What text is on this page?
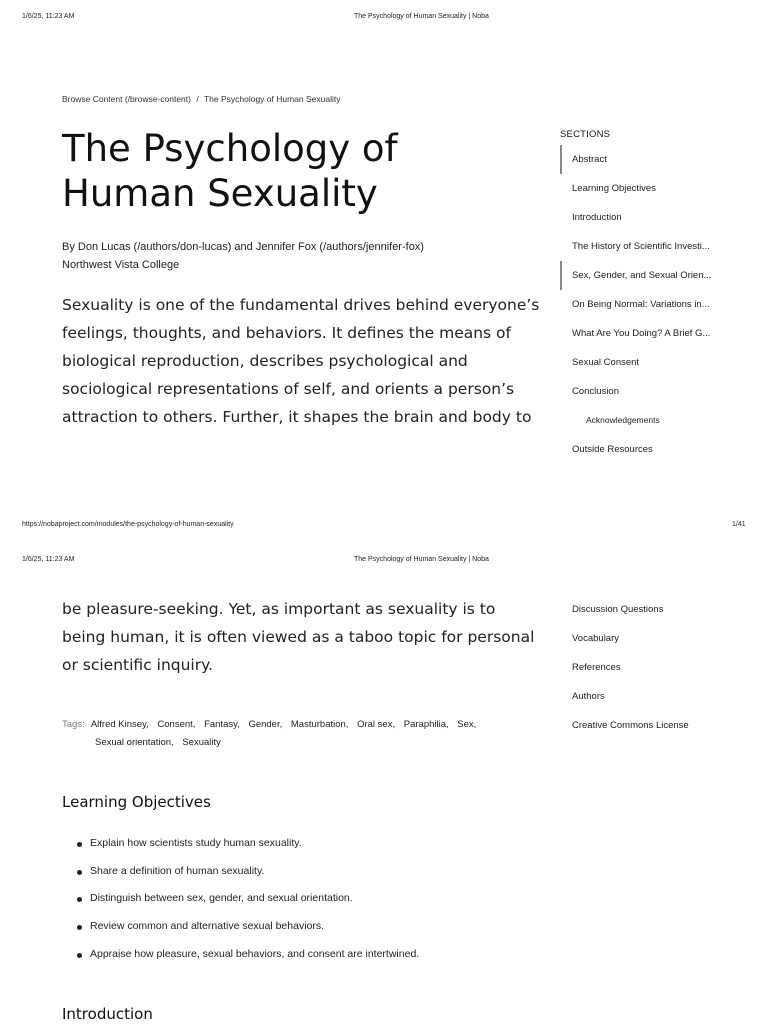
1/6/25, 11:23 AM	The Psychology of Human Sexuality | Noba
Browse Content (/browse-content) / The Psychology of Human Sexuality
The Psychology of Human Sexuality
By Don Lucas (/authors/don-lucas) and Jennifer Fox (/authors/jennifer-fox)
Northwest Vista College

Sexuality is one of the fundamental drives behind everyone’s feelings, thoughts, and behaviors. It defines the means of biological reproduction, describes psychological and sociological representations of self, and orients a person’s attraction to others. Further, it shapes the brain and body to

SECTIONS
Abstract
Learning Objectives
Introduction
The History of Scientific Investi...
Sex, Gender, and Sexual Orien...
On Being Normal: Variations in...
What Are You Doing? A Brief G...
Sexual Consent
Conclusion
Acknowledgements
Outside Resources
https://nobaproject.com/modules/the-psychology-of-human-sexuality	1/41
1/6/25, 11:23 AM	The Psychology of Human Sexuality | Noba

be pleasure-seeking. Yet, as important as sexuality is to being human, it is often viewed as a taboo topic for personal or scientific inquiry.

Discussion Questions
Vocabulary
References
Authors
Creative Commons License
Tags: Alfred Kinsey, Consent, Fantasy, Gender, Masturbation, Oral sex, Paraphilia, Sex,
Sexual orientation, Sexuality
Learning Objectives
Explain how scientists study human sexuality.
Share a definition of human sexuality.
Distinguish between sex, gender, and sexual orientation.
Review common and alternative sexual behaviors.
Appraise how pleasure, sexual behaviors, and consent are intertwined.
Introduction
